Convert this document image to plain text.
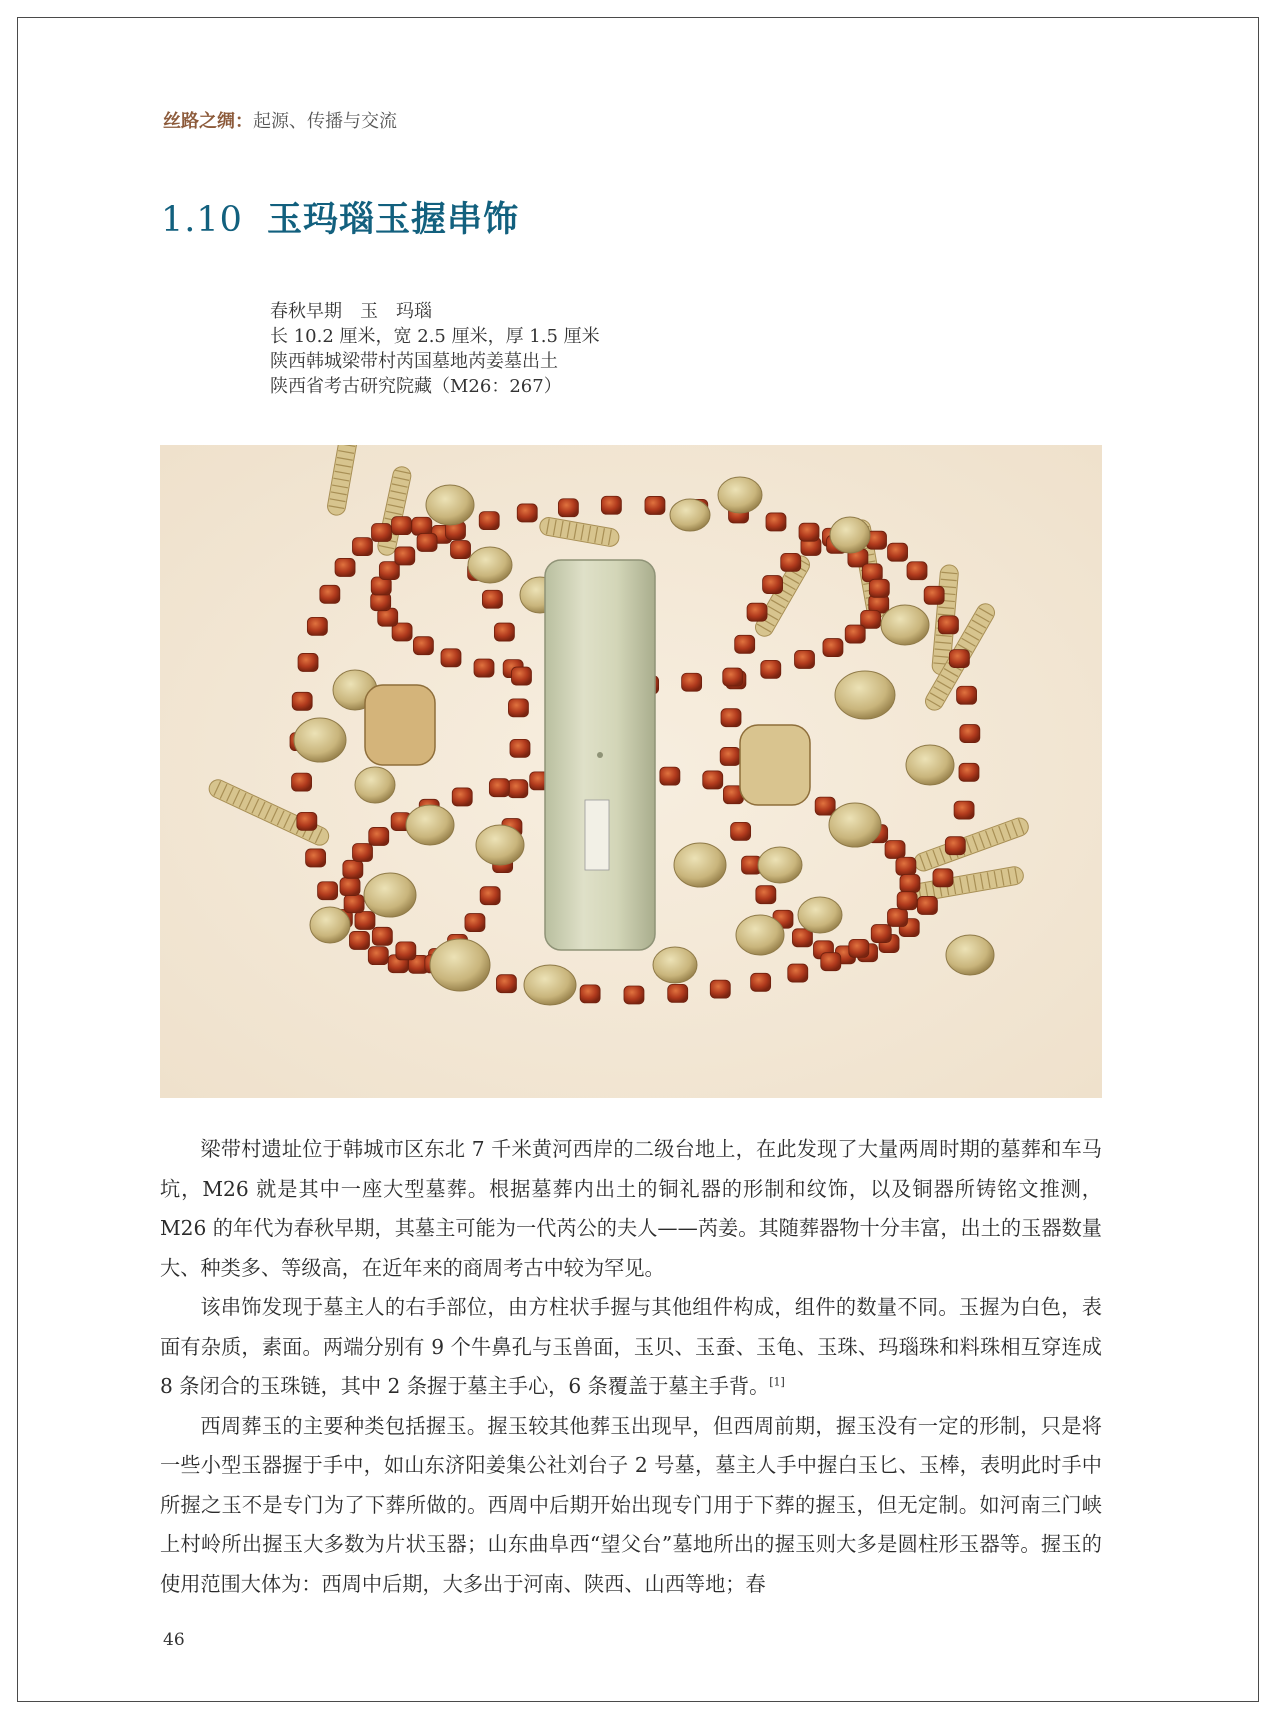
丝路之绸：起源、传播与交流
1.10 玉玛瑙玉握串饰
春秋早期　玉　玛瑙
长 10.2 厘米，宽 2.5 厘米，厚 1.5 厘米
陕西韩城梁带村芮国墓地芮姜墓出土
陕西省考古研究院藏（M26：267）

梁带村遗址位于韩城市区东北 7 千米黄河西岸的二级台地上，在此发现了大量两周时期的墓葬和车马坑，M26 就是其中一座大型墓葬。根据墓葬内出土的铜礼器的形制和纹饰，以及铜器所铸铭文推测，M26 的年代为春秋早期，其墓主可能为一代芮公的夫人——芮姜。其随葬器物十分丰富，出土的玉器数量大、种类多、等级高，在近年来的商周考古中较为罕见。

该串饰发现于墓主人的右手部位，由方柱状手握与其他组件构成，组件的数量不同。玉握为白色，表面有杂质，素面。两端分别有 9 个牛鼻孔与玉兽面，玉贝、玉蚕、玉龟、玉珠、玛瑙珠和料珠相互穿连成 8 条闭合的玉珠链，其中 2 条握于墓主手心，6 条覆盖于墓主手背。[1]

西周葬玉的主要种类包括握玉。握玉较其他葬玉出现早，但西周前期，握玉没有一定的形制，只是将一些小型玉器握于手中，如山东济阳姜集公社刘台子 2 号墓，墓主人手中握白玉匕、玉棒，表明此时手中所握之玉不是专门为了下葬所做的。西周中后期开始出现专门用于下葬的握玉，但无定制。如河南三门峡上村岭所出握玉大多数为片状玉器；山东曲阜西“望父台”墓地所出的握玉则大多是圆柱形玉器等。握玉的使用范围大体为：西周中后期，大多出于河南、陕西、山西等地；春

46
